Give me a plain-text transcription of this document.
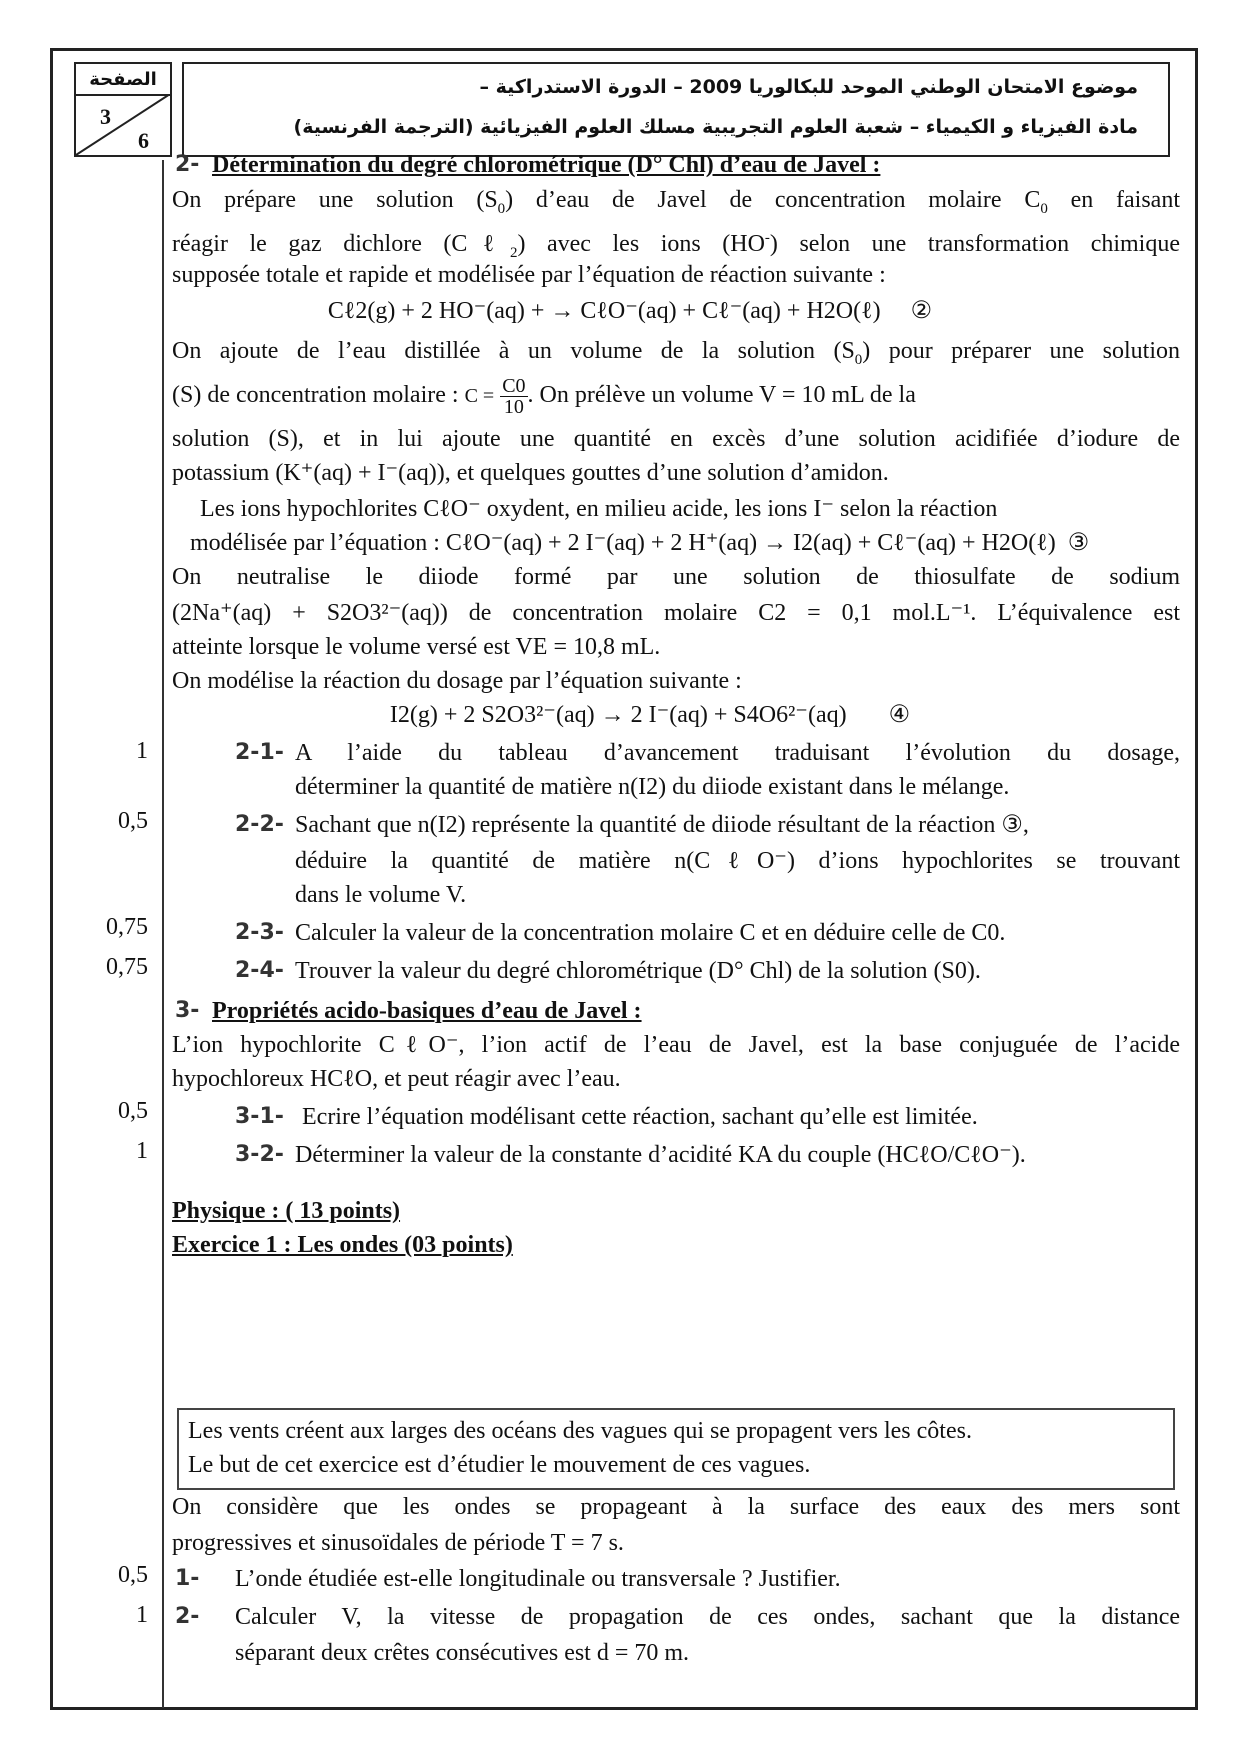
الصفحة
3
6
موضوع الامتحان الوطني الموحد للبكالوريا 2009 – الدورة الاستدراكية –
مادة الفيزياء و الكيمياء – شعبة العلوم التجريبية مسلك العلوم الفيزيائية (الترجمة الفرنسية)
2- Détermination du degré chlorométrique (D° Chl) d’eau de Javel :
On prépare une solution $(S_0)$ d’eau de Javel de concentration molaire $C_0$ en faisant
réagir le gaz dichlore (Cℓ$_2$) avec les ions (HO-) selon une transformation chimique
supposée totale et rapide et modélisée par l’équation de réaction suivante :
Cℓ2(g) + 2 HO⁻(aq) + → CℓO⁻(aq) + Cℓ⁻(aq) + H2O(ℓ) ②
On ajoute de l’eau distillée à un volume de la solution $(S_0)$ pour préparer une solution
(S) de concentration molaire : $C = \frac{C0}{10}$ . On prélève un volume V = 10 mL de la
solution (S), et in lui ajoute une quantité en excès d’une solution acidifiée d’iodure de
potassium (K⁺(aq) + I⁻(aq)), et quelques gouttes d’une solution d’amidon.
Les ions hypochlorites CℓO⁻ oxydent, en milieu acide, les ions I⁻ selon la réaction
modélisée par l’équation : CℓO⁻(aq) + 2 I⁻(aq) + 2 H⁺(aq) → I2(aq) + Cℓ⁻(aq) + H2O(ℓ) ③
On neutralise le diiode formé par une solution de thiosulfate de sodium
(2Na⁺(aq) + S2O3²⁻(aq)) de concentration molaire C2 = 0,1 mol.L⁻¹. L’équivalence est
atteinte lorsque le volume versé est VE = 10,8 mL.
On modélise la réaction du dosage par l’équation suivante :
I2(g) + 2 S2O3²⁻(aq) → 2 I⁻(aq) + S4O6²⁻(aq) ④
1	2-1- A l’aide du tableau d’avancement traduisant l’évolution du dosage,
déterminer la quantité de matière n(I2) du diiode existant dans le mélange.
0,5	2-2- Sachant que n(I2) représente la quantité de diiode résultant de la réaction ③,
déduire la quantité de matière n(CℓO⁻) d’ions hypochlorites se trouvant
dans le volume V.
0,75	2-3- Calculer la valeur de la concentration molaire C et en déduire celle de C0.
0,75	2-4- Trouver la valeur du degré chlorométrique (D° Chl) de la solution (S0).
3- Propriétés acido-basiques d’eau de Javel :
L’ion hypochlorite CℓO⁻, l’ion actif de l’eau de Javel, est la base conjuguée de l’acide
hypochloreux HCℓO, et peut réagir avec l’eau.
0,5	3-1- Ecrire l’équation modélisant cette réaction, sachant qu’elle est limitée.
1	3-2- Déterminer la valeur de la constante d’acidité KA du couple (HCℓO/CℓO⁻).
Physique : ( 13 points)
Exercice 1 : Les ondes (03 points)
Les vents créent aux larges des océans des vagues qui se propagent vers les côtes.
Le but de cet exercice est d’étudier le mouvement de ces vagues.
On considère que les ondes se propageant à la surface des eaux des mers sont
progressives et sinusoïdales de période T = 7 s.
0,5 1- L’onde étudiée est-elle longitudinale ou transversale ? Justifier.
1 2- Calculer V, la vitesse de propagation de ces ondes, sachant que la distance
séparant deux crêtes consécutives est d = 70 m.
